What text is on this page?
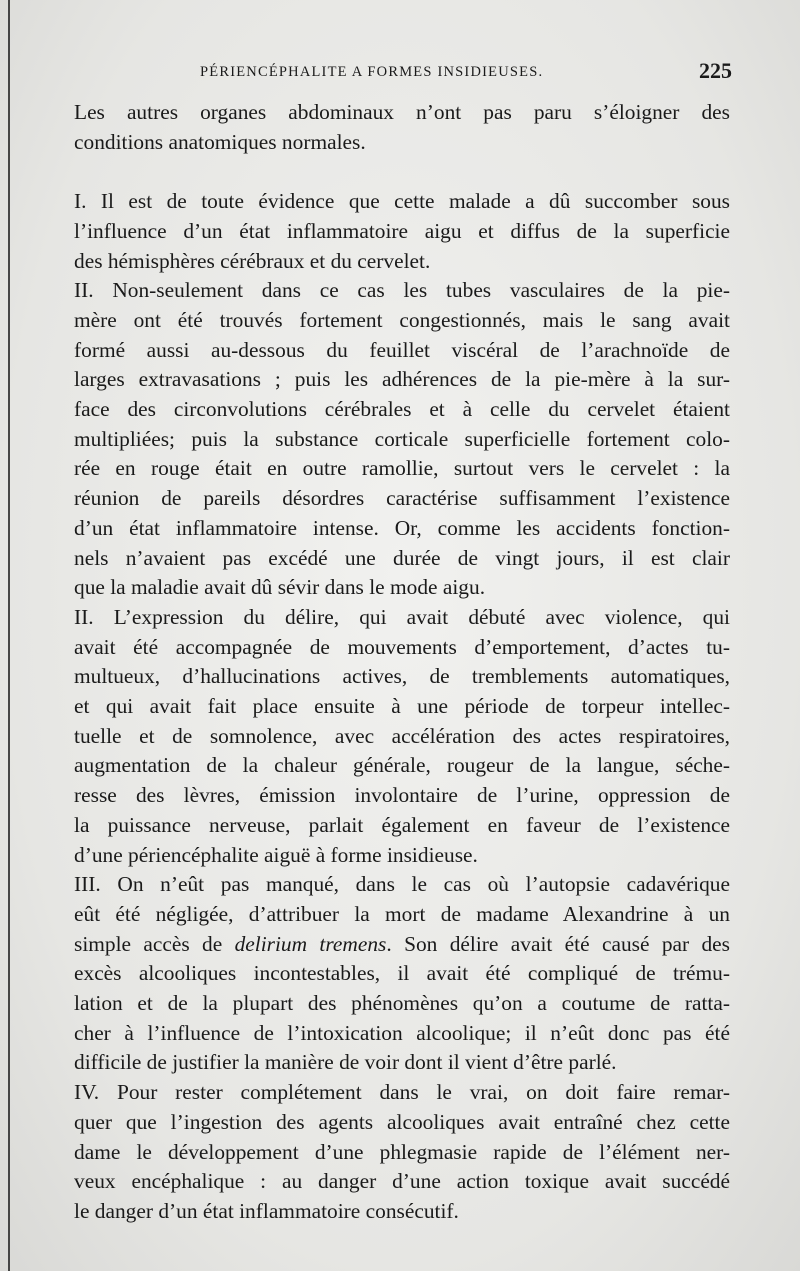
PÉRIENCÉPHALITE A FORMES INSIDIEUSES.	225

Les autres organes abdominaux n’ont pas paru s’éloigner des
conditions anatomiques normales.

I. Il est de toute évidence que cette malade a dû succomber sous
l’influence d’un état inflammatoire aigu et diffus de la superficie
des hémisphères cérébraux et du cervelet.

II. Non-seulement dans ce cas les tubes vasculaires de la pie-
mère ont été trouvés fortement congestionnés, mais le sang avait
formé aussi au-dessous du feuillet viscéral de l’arachnoïde de
larges extravasations ; puis les adhérences de la pie-mère à la sur-
face des circonvolutions cérébrales et à celle du cervelet étaient
multipliées; puis la substance corticale superficielle fortement colo-
rée en rouge était en outre ramollie, surtout vers le cervelet : la
réunion de pareils désordres caractérise suffisamment l’existence
d’un état inflammatoire intense. Or, comme les accidents fonction-
nels n’avaient pas excédé une durée de vingt jours, il est clair
que la maladie avait dû sévir dans le mode aigu.

II. L’expression du délire, qui avait débuté avec violence, qui
avait été accompagnée de mouvements d’emportement, d’actes tu-
multueux, d’hallucinations actives, de tremblements automatiques,
et qui avait fait place ensuite à une période de torpeur intellec-
tuelle et de somnolence, avec accélération des actes respiratoires,
augmentation de la chaleur générale, rougeur de la langue, séche-
resse des lèvres, émission involontaire de l’urine, oppression de
la puissance nerveuse, parlait également en faveur de l’existence
d’une périencéphalite aiguë à forme insidieuse.

III. On n’eût pas manqué, dans le cas où l’autopsie cadavérique
eût été négligée, d’attribuer la mort de madame Alexandrine à un
simple accès de delirium tremens. Son délire avait été causé par des
excès alcooliques incontestables, il avait été compliqué de trému-
lation et de la plupart des phénomènes qu’on a coutume de ratta-
cher à l’influence de l’intoxication alcoolique; il n’eût donc pas été
difficile de justifier la manière de voir dont il vient d’être parlé.

IV. Pour rester complétement dans le vrai, on doit faire remar-
quer que l’ingestion des agents alcooliques avait entraîné chez cette
dame le développement d’une phlegmasie rapide de l’élément ner-
veux encéphalique : au danger d’une action toxique avait succédé
le danger d’un état inflammatoire consécutif.
